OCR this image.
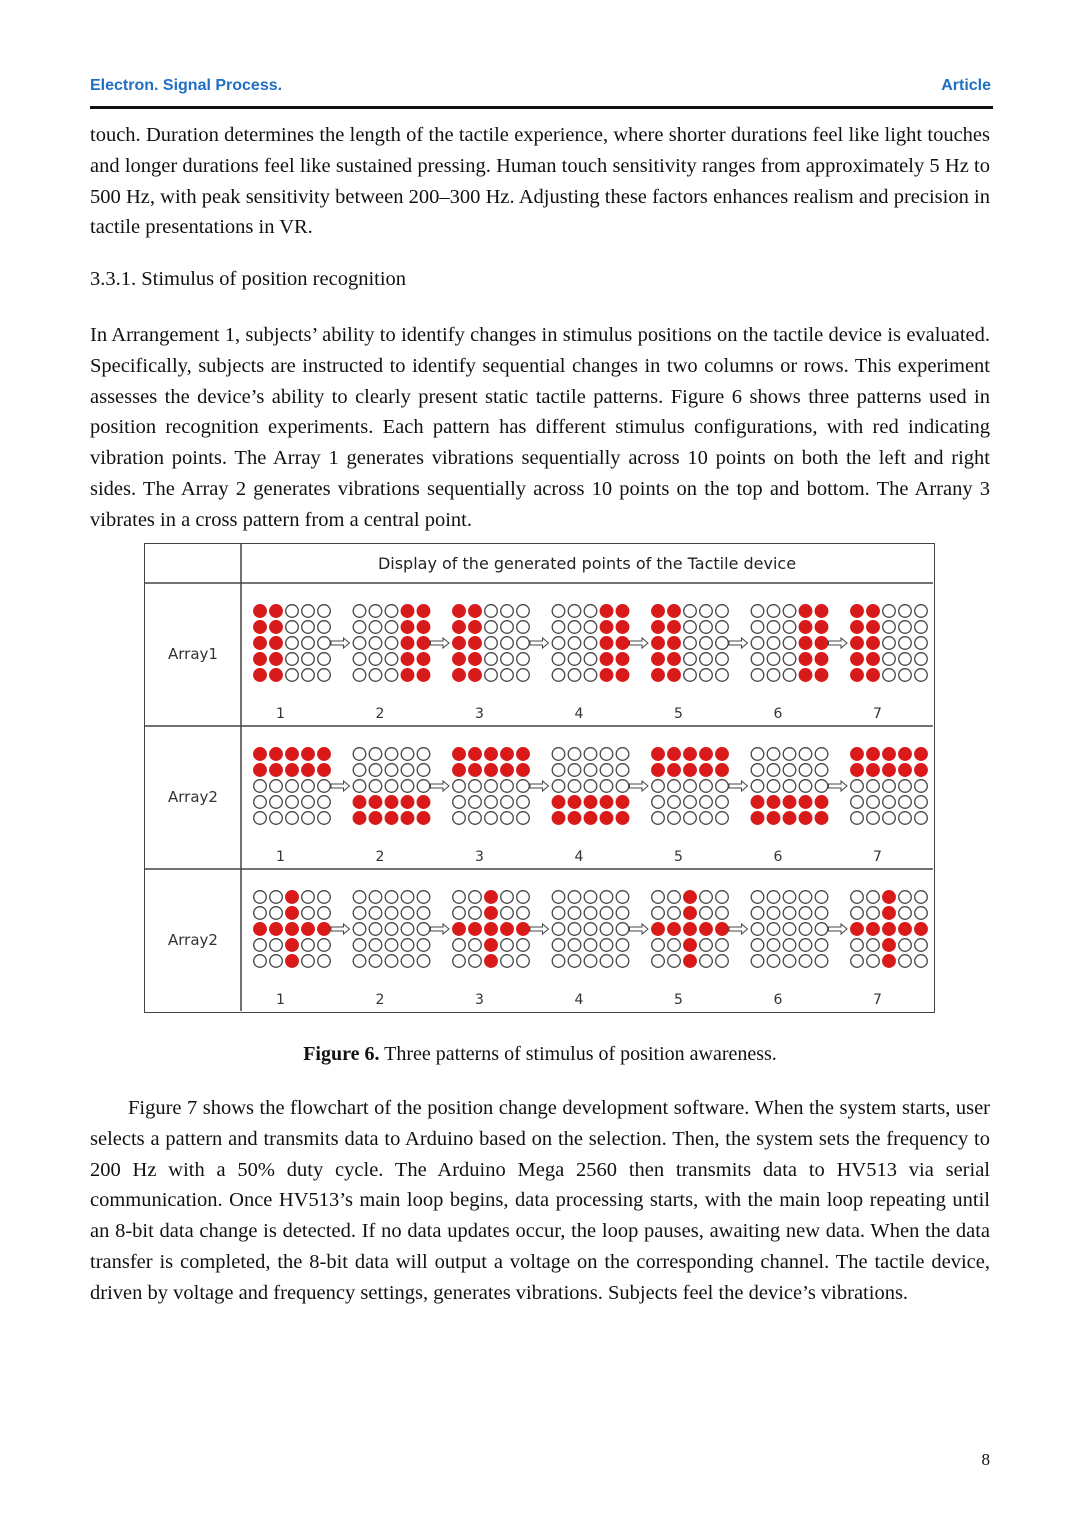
Electron. Signal Process.	Article

touch. Duration determines the length of the tactile experience, where shorter durations feel like light touches and longer durations feel like sustained pressing. Human touch sensitivity ranges from approximately 5 Hz to 500 Hz, with peak sensitivity between 200–300 Hz. Adjusting these factors enhances realism and precision in tactile presentations in VR.

3.3.1. Stimulus of position recognition

In Arrangement 1, subjects’ ability to identify changes in stimulus positions on the tactile device is evaluated. Specifically, subjects are instructed to identify sequential changes in two columns or rows. This experiment assesses the device’s ability to clearly present static tactile patterns. Figure 6 shows three patterns used in position recognition experiments. Each pattern has different stimulus configurations, with red indicating vibration points. The Array 1 generates vibrations sequentially across 10 points on both the left and right sides. The Array 2 generates vibrations sequentially across 10 points on the top and bottom. The Arrany 3 vibrates in a cross pattern from a central point.

Display of the generated points of the Tactile device
Array1
1	2	3	4	5	6	7
Array2
1	2	3	4	5	6	7
Array2
1	2	3	4	5	6	7
Figure 6. Three patterns of stimulus of position awareness.

Figure 7 shows the flowchart of the position change development software. When the system starts, user selects a pattern and transmits data to Arduino based on the selection. Then, the system sets the frequency to 200 Hz with a 50% duty cycle. The Arduino Mega 2560 then transmits data to HV513 via serial communication. Once HV513’s main loop begins, data processing starts, with the main loop repeating until an 8-bit data change is detected. If no data updates occur, the loop pauses, awaiting new data. When the data transfer is completed, the 8-bit data will output a voltage on the corresponding channel. The tactile device, driven by voltage and frequency settings, generates vibrations. Subjects feel the device’s vibrations.

8
